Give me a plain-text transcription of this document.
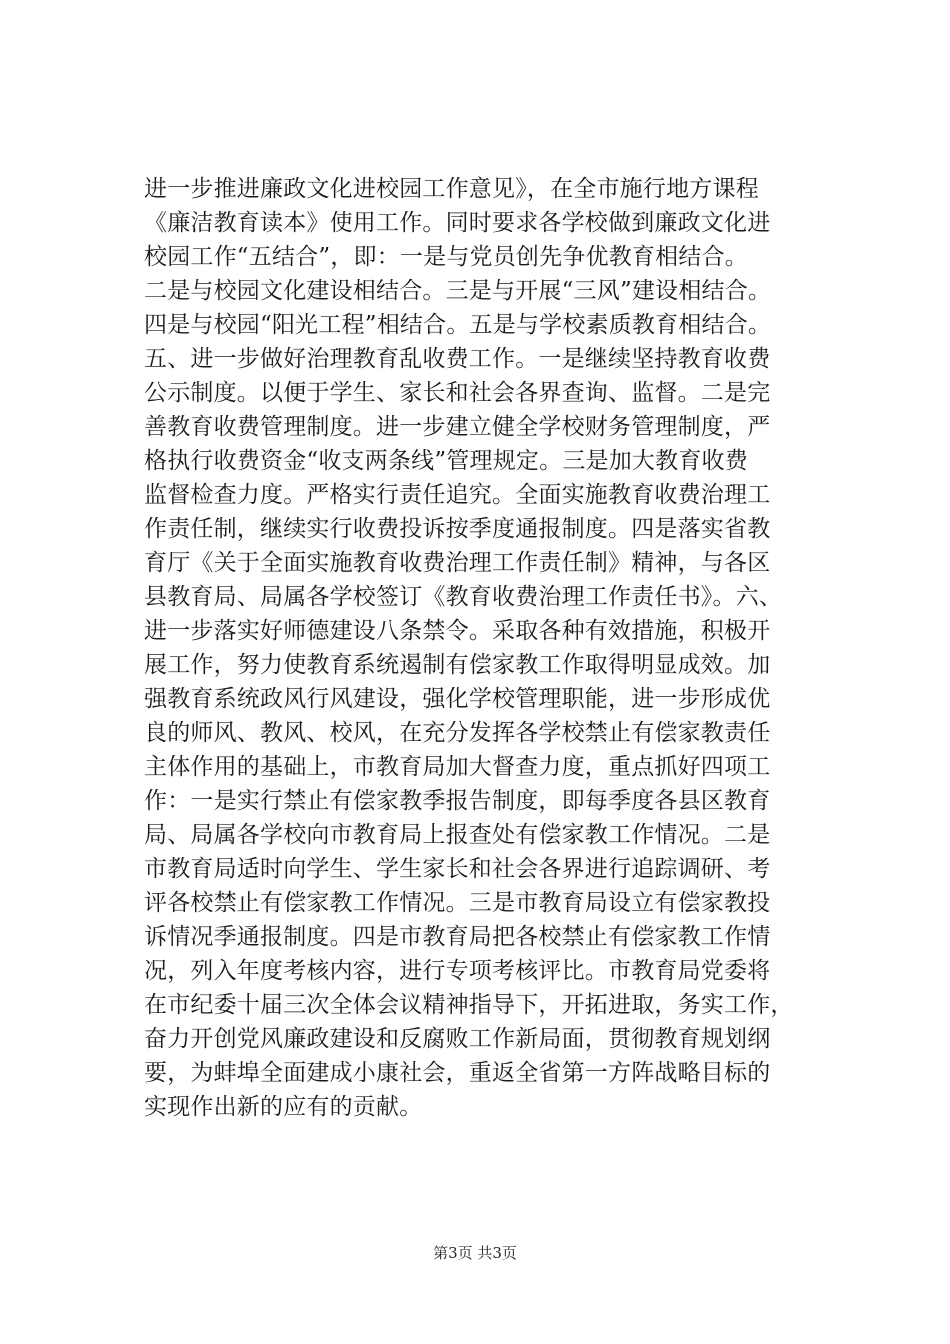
进一步推进廉政文化进校园工作意见》，在全市施行地方课程
《廉洁教育读本》使用工作。同时要求各学校做到廉政文化进
校园工作“五结合”，即：一是与党员创先争优教育相结合。
二是与校园文化建设相结合。三是与开展“三风”建设相结合。
四是与校园“阳光工程”相结合。五是与学校素质教育相结合。
五、进一步做好治理教育乱收费工作。一是继续坚持教育收费
公示制度。以便于学生、家长和社会各界查询、监督。二是完
善教育收费管理制度。进一步建立健全学校财务管理制度，严
格执行收费资金“收支两条线”管理规定。三是加大教育收费
监督检查力度。严格实行责任追究。全面实施教育收费治理工
作责任制，继续实行收费投诉按季度通报制度。四是落实省教
育厅《关于全面实施教育收费治理工作责任制》精神，与各区
县教育局、局属各学校签订《教育收费治理工作责任书》。六、
进一步落实好师德建设八条禁令。采取各种有效措施，积极开
展工作，努力使教育系统遏制有偿家教工作取得明显成效。加
强教育系统政风行风建设，强化学校管理职能，进一步形成优
良的师风、教风、校风，在充分发挥各学校禁止有偿家教责任
主体作用的基础上，市教育局加大督查力度，重点抓好四项工
作：一是实行禁止有偿家教季报告制度，即每季度各县区教育
局、局属各学校向市教育局上报查处有偿家教工作情况。二是
市教育局适时向学生、学生家长和社会各界进行追踪调研、考
评各校禁止有偿家教工作情况。三是市教育局设立有偿家教投
诉情况季通报制度。四是市教育局把各校禁止有偿家教工作情
况，列入年度考核内容，进行专项考核评比。市教育局党委将
在市纪委十届三次全体会议精神指导下，开拓进取，务实工作，
奋力开创党风廉政建设和反腐败工作新局面，贯彻教育规划纲
要，为蚌埠全面建成小康社会，重返全省第一方阵战略目标的
实现作出新的应有的贡献。
第3页 共3页
